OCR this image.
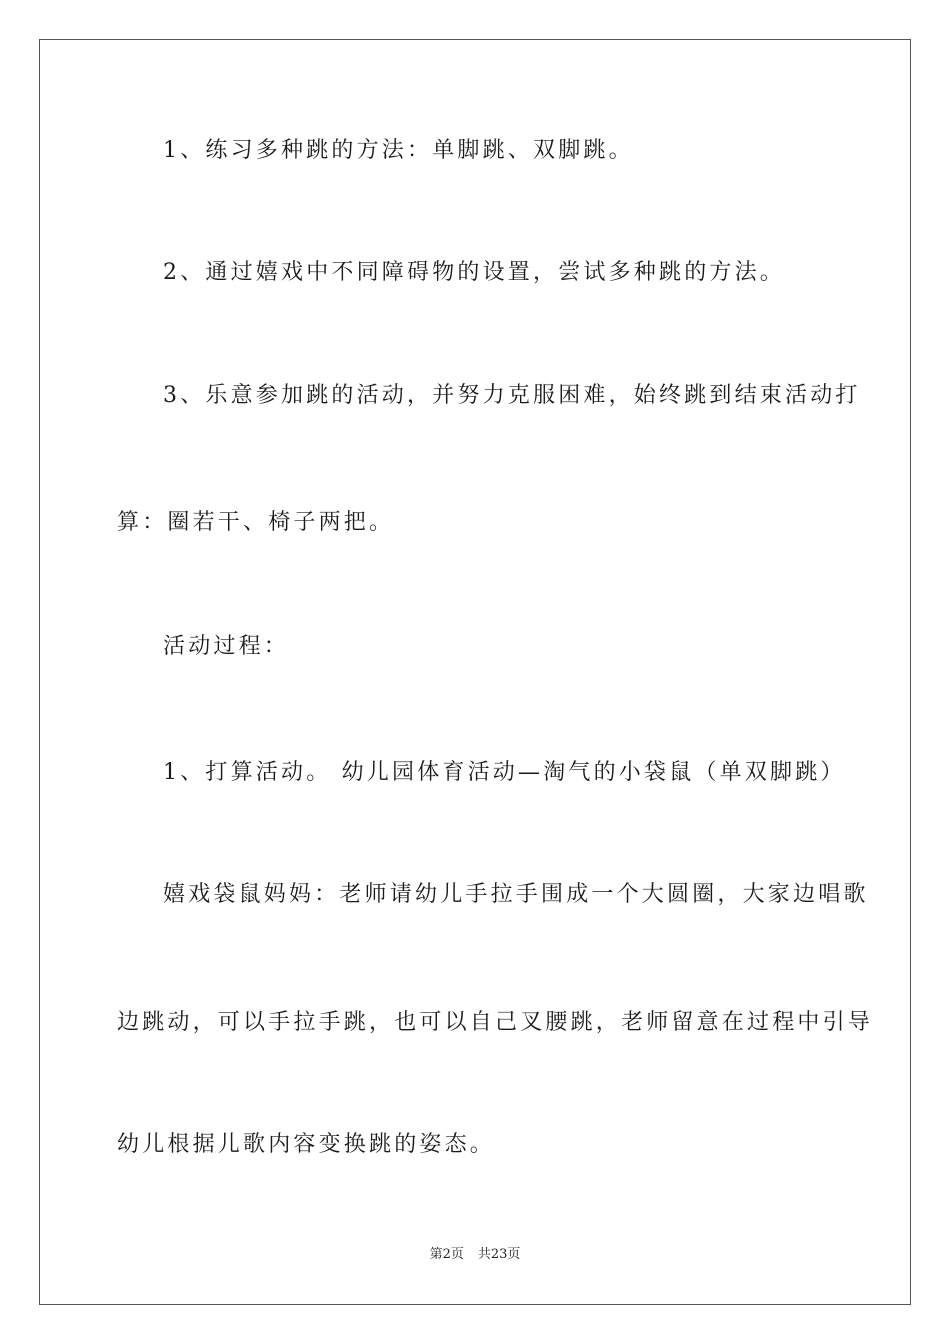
1、练习多种跳的方法：单脚跳、双脚跳。
2、通过嬉戏中不同障碍物的设置，尝试多种跳的方法。
3、乐意参加跳的活动，并努力克服困难，始终跳到结束活动打
算：圈若干、椅子两把。
活动过程：
1、打算活动。 幼儿园体育活动—淘气的小袋鼠（单双脚跳）
嬉戏袋鼠妈妈：老师请幼儿手拉手围成一个大圆圈，大家边唱歌
边跳动，可以手拉手跳，也可以自己叉腰跳，老师留意在过程中引导
幼儿根据儿歌内容变换跳的姿态。
第2页 共23页
